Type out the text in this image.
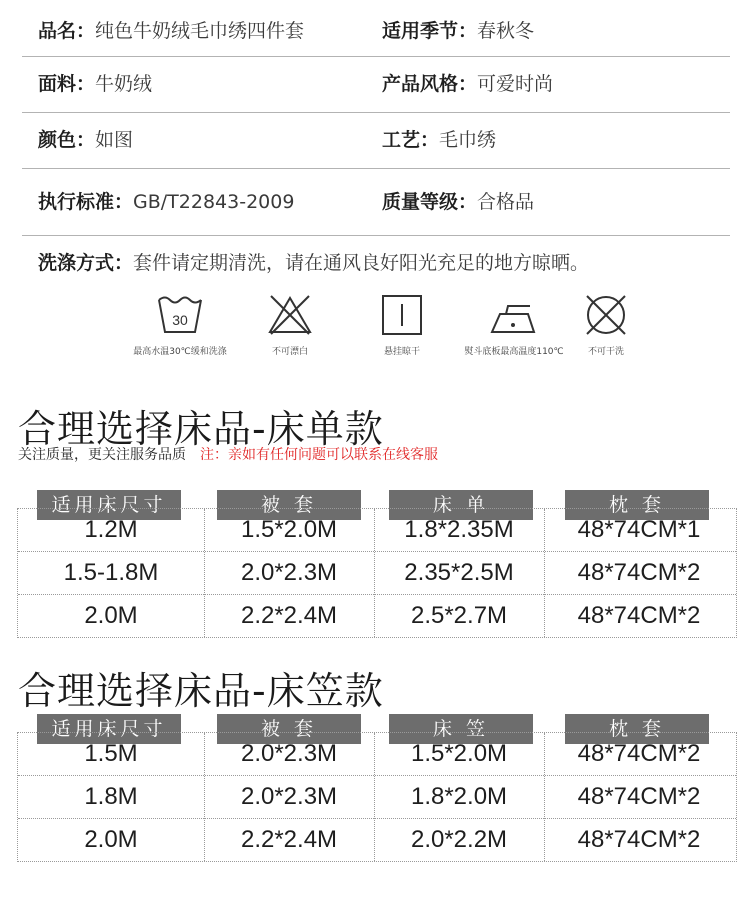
品名：纯色牛奶绒毛巾绣四件套	适用季节：春秋冬
面料：牛奶绒	产品风格：可爱时尚
颜色：如图	工艺：毛巾绣
执行标准：GB/T22843-2009	质量等级：合格品
洗涤方式：套件请定期清洗，请在通风良好阳光充足的地方晾晒。
30
最高水温30℃缓和洗涤	不可漂白	悬挂晾干	熨斗底板最高温度110℃	不可干洗
合理选择床品-床单款
关注质量，更关注服务品质 注：亲如有任何问题可以联系在线客服
适用床尺寸	被 套	床 单	枕 套
1.2M	1.5*2.0M	1.8*2.35M	48*74CM*1
1.5-1.8M	2.0*2.3M	2.35*2.5M	48*74CM*2
2.0M	2.2*2.4M	2.5*2.7M	48*74CM*2
合理选择床品-床笠款
适用床尺寸	被 套	床 笠	枕 套
1.5M	2.0*2.3M	1.5*2.0M	48*74CM*2
1.8M	2.0*2.3M	1.8*2.0M	48*74CM*2
2.0M	2.2*2.4M	2.0*2.2M	48*74CM*2
